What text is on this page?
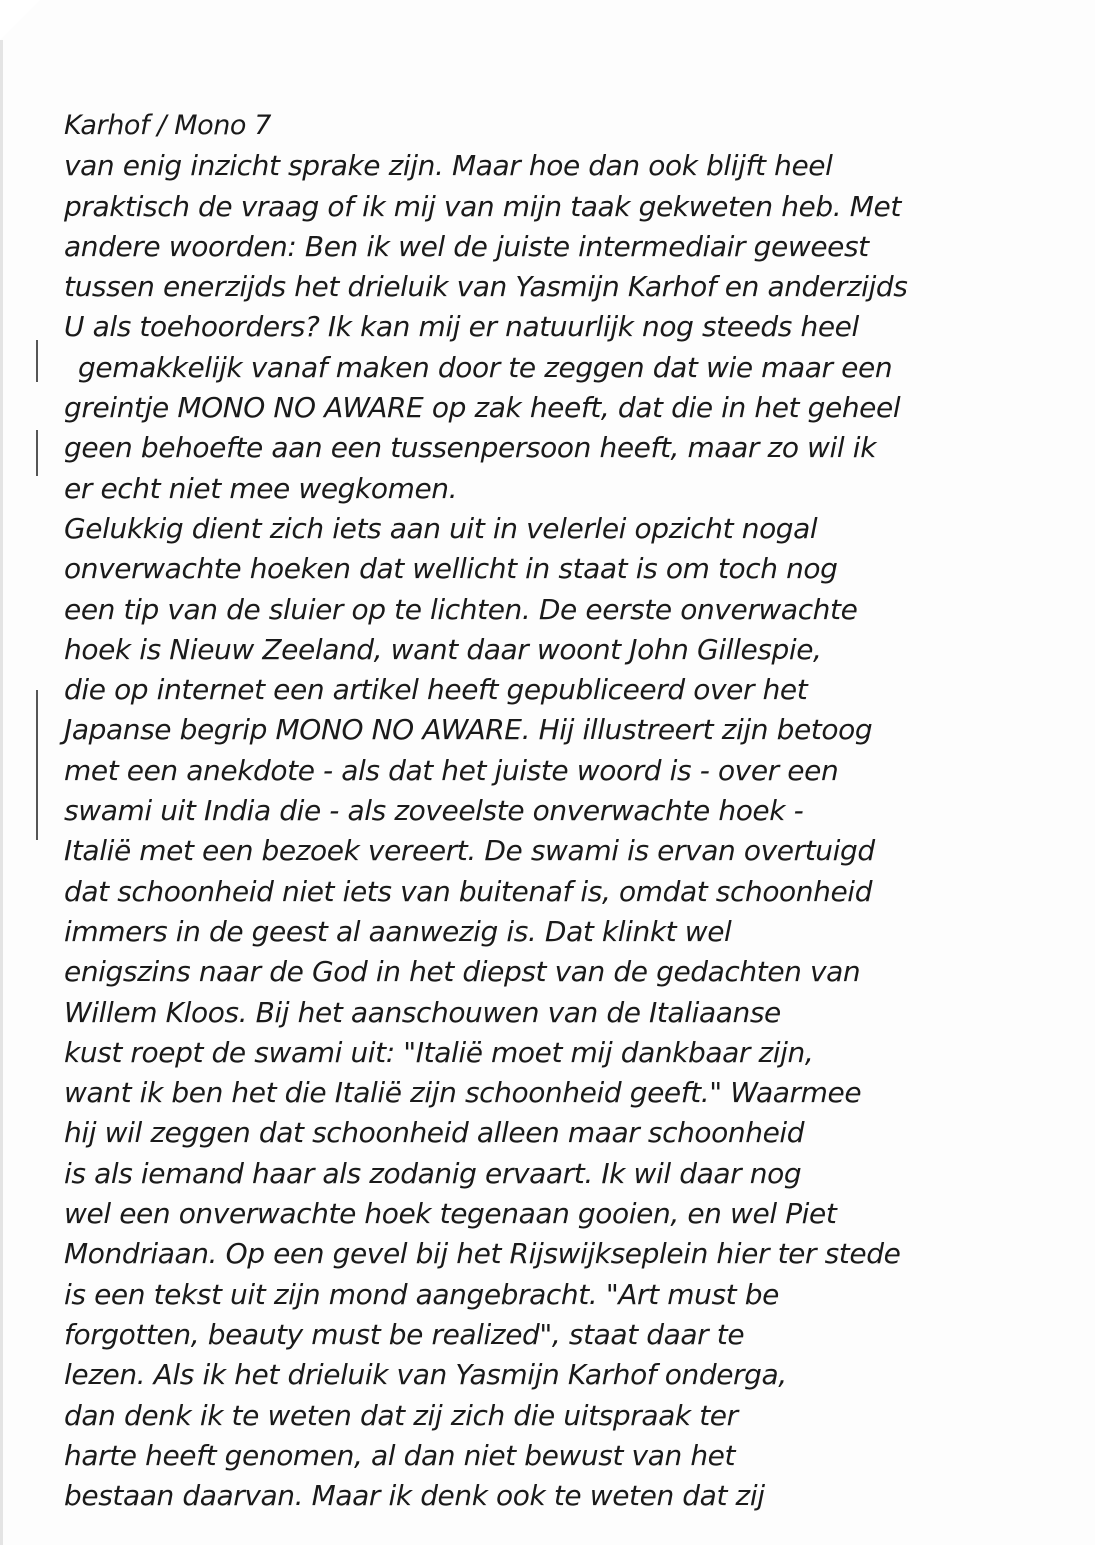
Karhof / Mono 7
van enig inzicht sprake zijn. Maar hoe dan ook blijft heel
praktisch de vraag of ik mij van mijn taak gekweten heb. Met
andere woorden: Ben ik wel de juiste intermediair geweest
tussen enerzijds het drieluik van Yasmijn Karhof en anderzijds
U als toehoorders? Ik kan mij er natuurlijk nog steeds heel
gemakkelijk vanaf maken door te zeggen dat wie maar een
greintje MONO NO AWARE op zak heeft, dat die in het geheel
geen behoefte aan een tussenpersoon heeft, maar zo wil ik
er echt niet mee wegkomen.
Gelukkig dient zich iets aan uit in velerlei opzicht nogal
onverwachte hoeken dat wellicht in staat is om toch nog
een tip van de sluier op te lichten. De eerste onverwachte
hoek is Nieuw Zeeland, want daar woont John Gillespie,
die op internet een artikel heeft gepubliceerd over het
Japanse begrip MONO NO AWARE. Hij illustreert zijn betoog
met een anekdote - als dat het juiste woord is - over een
swami uit India die - als zoveelste onverwachte hoek -
Italië met een bezoek vereert. De swami is ervan overtuigd
dat schoonheid niet iets van buitenaf is, omdat schoonheid
immers in de geest al aanwezig is. Dat klinkt wel
enigszins naar de God in het diepst van de gedachten van
Willem Kloos. Bij het aanschouwen van de Italiaanse
kust roept de swami uit: "Italië moet mij dankbaar zijn,
want ik ben het die Italië zijn schoonheid geeft." Waarmee
hij wil zeggen dat schoonheid alleen maar schoonheid
is als iemand haar als zodanig ervaart. Ik wil daar nog
wel een onverwachte hoek tegenaan gooien, en wel Piet
Mondriaan. Op een gevel bij het Rijswijkseplein hier ter stede
is een tekst uit zijn mond aangebracht. "Art must be
forgotten, beauty must be realized", staat daar te
lezen. Als ik het drieluik van Yasmijn Karhof onderga,
dan denk ik te weten dat zij zich die uitspraak ter
harte heeft genomen, al dan niet bewust van het
bestaan daarvan. Maar ik denk ook te weten dat zij
